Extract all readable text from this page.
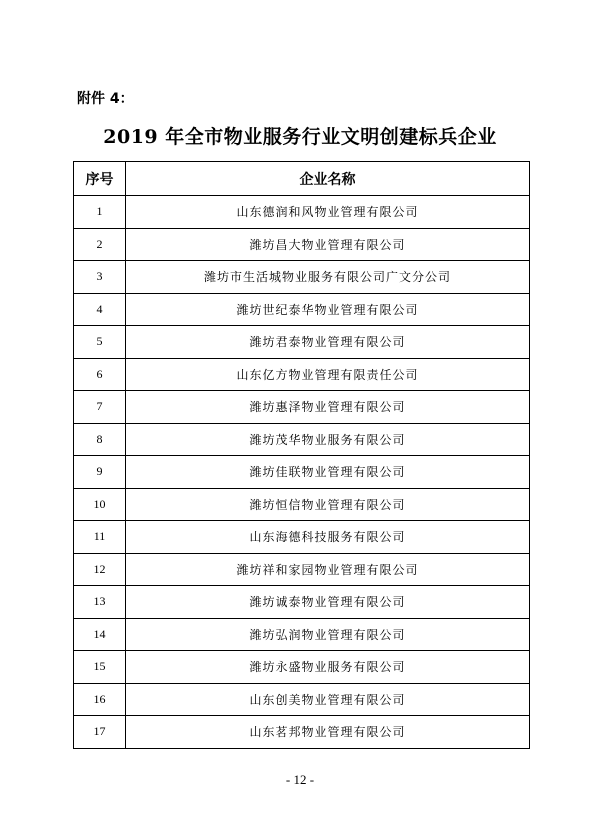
附件 4：
2019 年全市物业服务行业文明创建标兵企业
序号	企业名称
1	山东德润和风物业管理有限公司
2	潍坊昌大物业管理有限公司
3	潍坊市生活城物业服务有限公司广文分公司
4	潍坊世纪泰华物业管理有限公司
5	潍坊君泰物业管理有限公司
6	山东亿方物业管理有限责任公司
7	潍坊惠泽物业管理有限公司
8	潍坊茂华物业服务有限公司
9	潍坊佳联物业管理有限公司
10	潍坊恒信物业管理有限公司
11	山东海德科技服务有限公司
12	潍坊祥和家园物业管理有限公司
13	潍坊诚泰物业管理有限公司
14	潍坊弘润物业管理有限公司
15	潍坊永盛物业服务有限公司
16	山东创美物业管理有限公司
17	山东茗邦物业管理有限公司
- 12 -
